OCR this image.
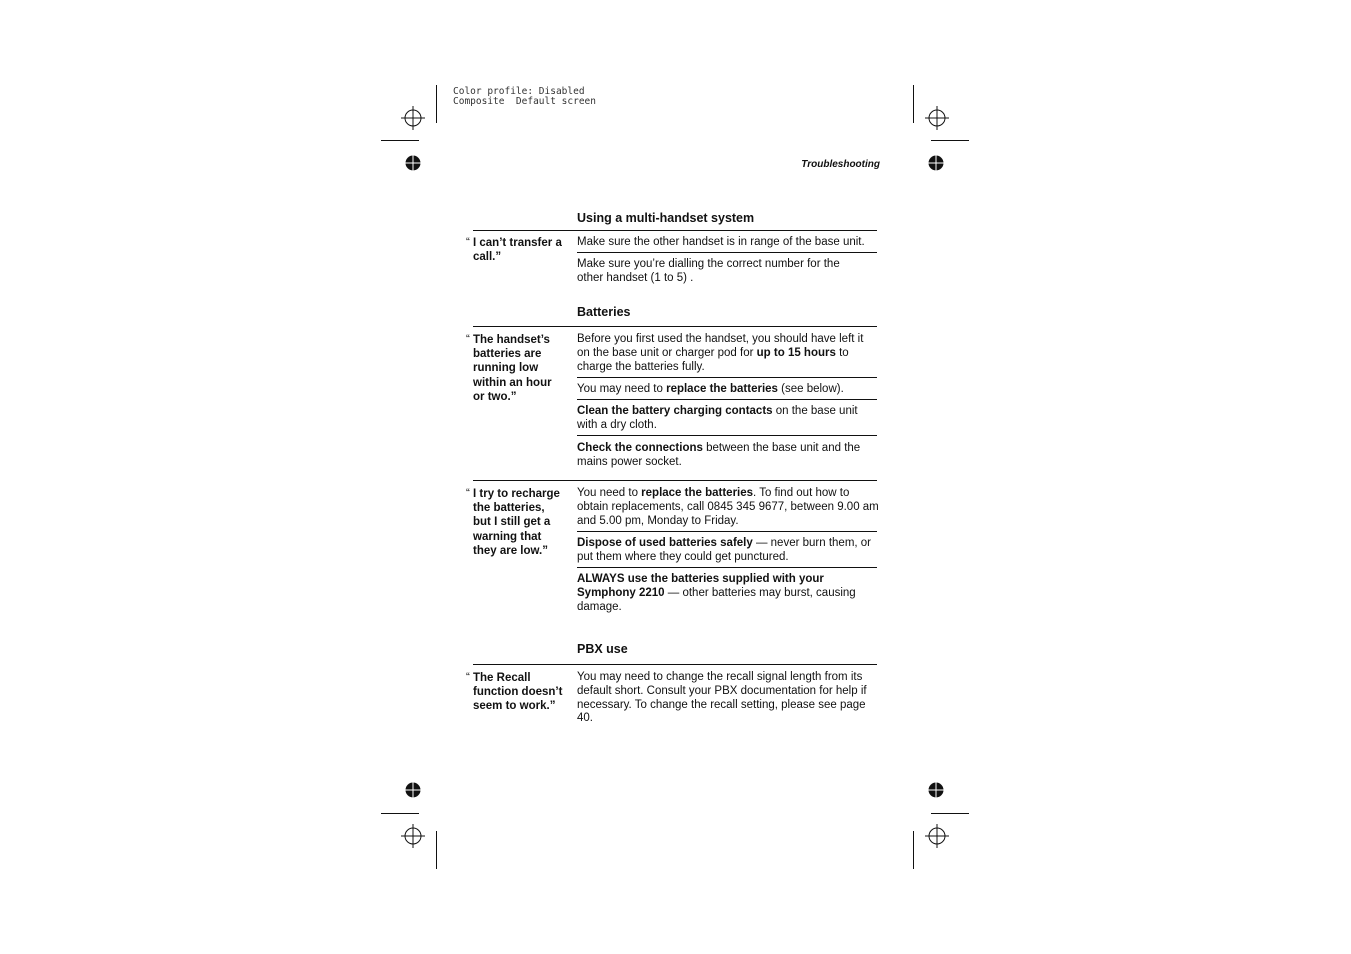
Color profile: Disabled
Composite  Default screen
Troubleshooting
Using a multi-handset system
“ I can’t transfer a call.”
Make sure the other handset is in range of the base unit.
Make sure you’re dialling the correct number for the other handset (1 to 5) .
Batteries
“ The handset’s batteries are running low within an hour or two.”
Before you first used the handset, you should have left it on the base unit or charger pod for up to 15 hours to charge the batteries fully.
You may need to replace the batteries (see below).
Clean the battery charging contacts on the base unit with a dry cloth.
Check the connections between the base unit and the mains power socket.
“ I try to recharge the batteries, but I still get a warning that they are low.”
You need to replace the batteries. To find out how to obtain replacements, call 0845 345 9677, between 9.00 am and 5.00 pm, Monday to Friday.
Dispose of used batteries safely — never burn them, or put them where they could get punctured.
ALWAYS use the batteries supplied with your Symphony 2210 — other batteries may burst, causing damage.
PBX use
“ The Recall function doesn’t seem to work.”
You may need to change the recall signal length from its default short. Consult your PBX documentation for help if necessary. To change the recall setting, please see page 40.
